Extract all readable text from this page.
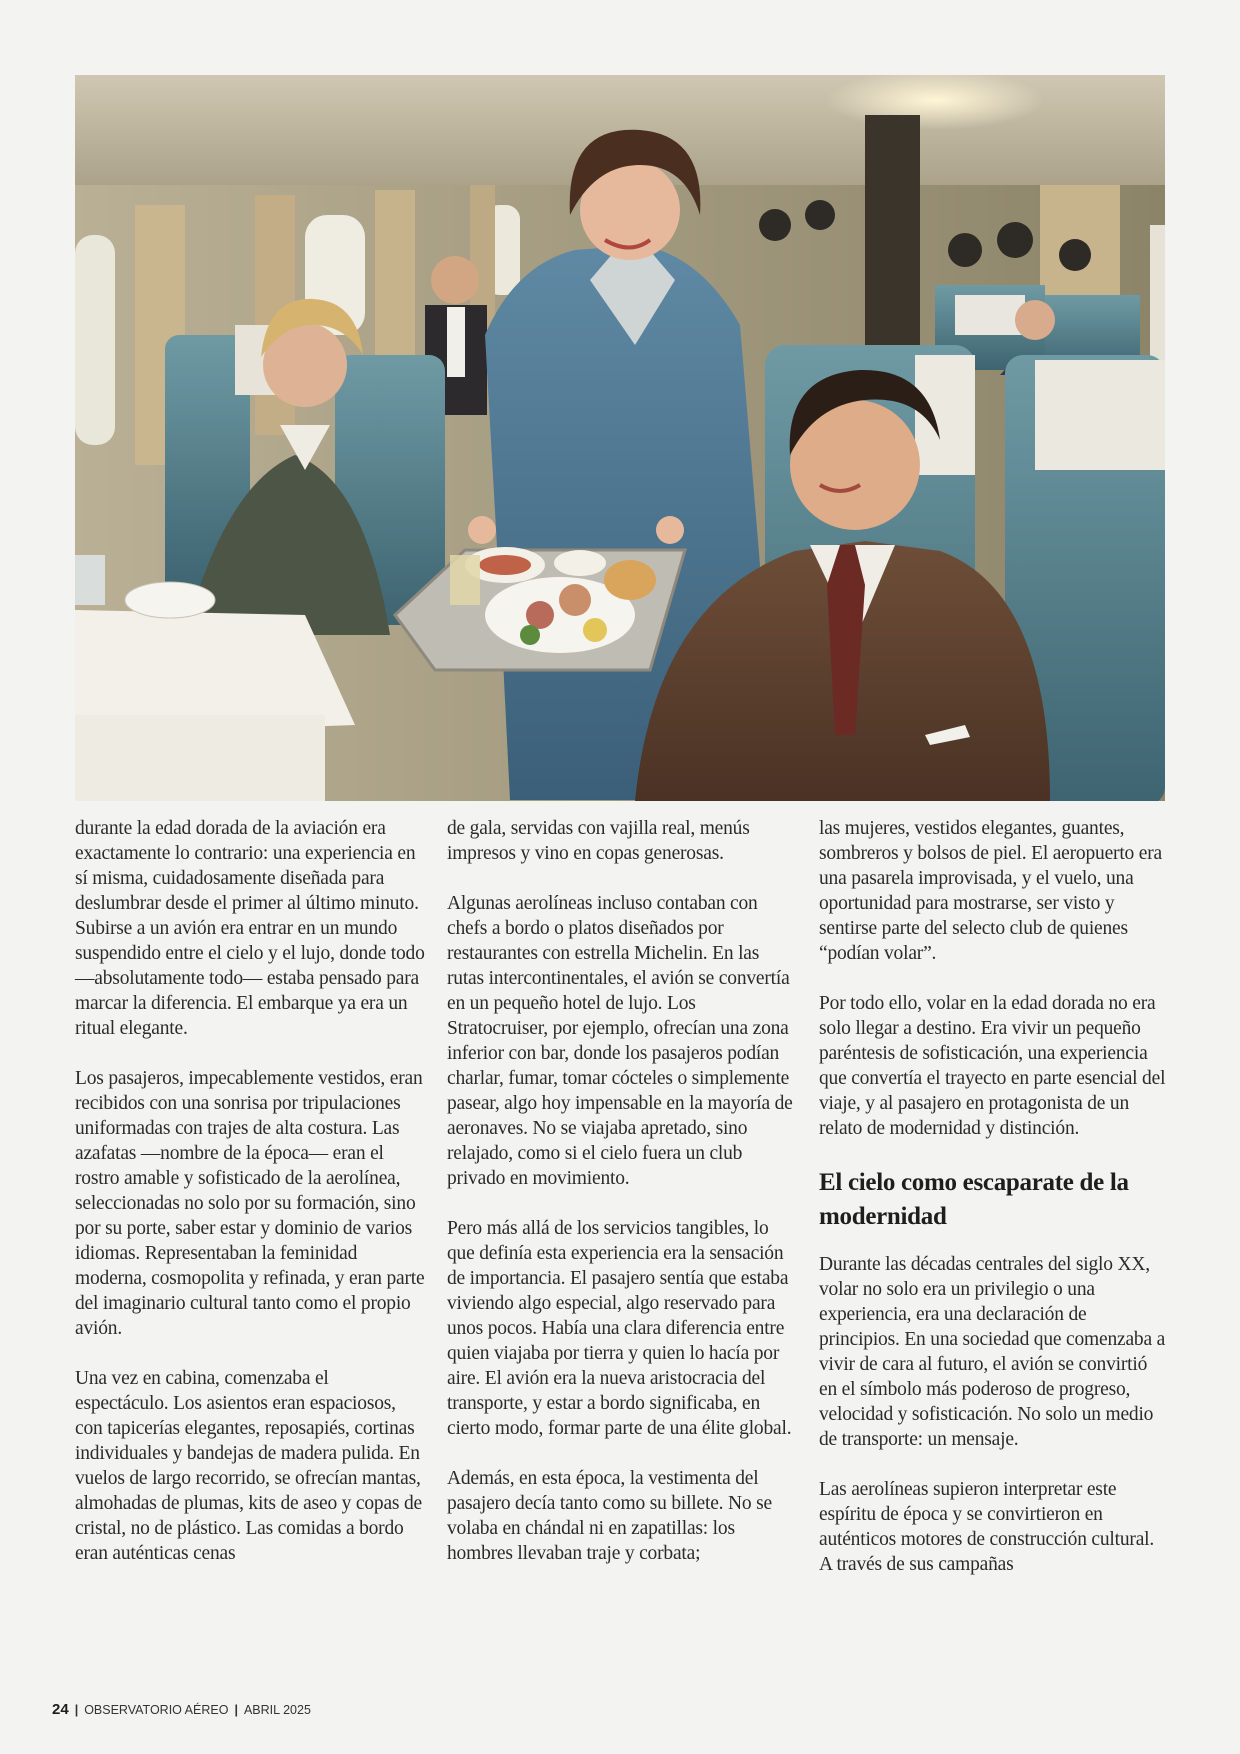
durante la edad dorada de la aviación era exactamente lo contrario: una experiencia en sí misma, cuidadosamente diseñada para deslumbrar desde el primer al último minuto. Subirse a un avión era entrar en un mundo suspendido entre el cielo y el lujo, donde todo —absolutamente todo— estaba pensado para marcar la diferencia. El embarque ya era un ritual elegante.

Los pasajeros, impecablemente vestidos, eran recibidos con una sonrisa por tripulaciones uniformadas con trajes de alta costura. Las azafatas —nombre de la época— eran el rostro amable y sofisticado de la aerolínea, seleccionadas no solo por su formación, sino por su porte, saber estar y dominio de varios idiomas. Representaban la feminidad moderna, cosmopolita y refinada, y eran parte del imaginario cultural tanto como el propio avión.

Una vez en cabina, comenzaba el espectáculo. Los asientos eran espaciosos, con tapicerías elegantes, reposapiés, cortinas individuales y bandejas de madera pulida. En vuelos de largo recorrido, se ofrecían mantas, almohadas de plumas, kits de aseo y copas de cristal, no de plástico. Las comidas a bordo eran auténticas cenas

de gala, servidas con vajilla real, menús impresos y vino en copas generosas.

Algunas aerolíneas incluso contaban con chefs a bordo o platos diseñados por restaurantes con estrella Michelin. En las rutas intercontinentales, el avión se convertía en un pequeño hotel de lujo. Los Stratocruiser, por ejemplo, ofrecían una zona inferior con bar, donde los pasajeros podían charlar, fumar, tomar cócteles o simplemente pasear, algo hoy impensable en la mayoría de aeronaves. No se viajaba apretado, sino relajado, como si el cielo fuera un club privado en movimiento.

Pero más allá de los servicios tangibles, lo que definía esta experiencia era la sensación de importancia. El pasajero sentía que estaba viviendo algo especial, algo reservado para unos pocos. Había una clara diferencia entre quien viajaba por tierra y quien lo hacía por aire. El avión era la nueva aristocracia del transporte, y estar a bordo significaba, en cierto modo, formar parte de una élite global.

Además, en esta época, la vestimenta del pasajero decía tanto como su billete. No se volaba en chándal ni en zapatillas: los hombres llevaban traje y corbata;

las mujeres, vestidos elegantes, guantes, sombreros y bolsos de piel. El aeropuerto era una pasarela improvisada, y el vuelo, una oportunidad para mostrarse, ser visto y sentirse parte del selecto club de quienes “podían volar”.

Por todo ello, volar en la edad dorada no era solo llegar a destino. Era vivir un pequeño paréntesis de sofisticación, una experiencia que convertía el trayecto en parte esencial del viaje, y al pasajero en protagonista de un relato de modernidad y distinción.

El cielo como escaparate de la modernidad

Durante las décadas centrales del siglo XX, volar no solo era un privilegio o una experiencia, era una declaración de principios. En una sociedad que comenzaba a vivir de cara al futuro, el avión se convirtió en el símbolo más poderoso de progreso, velocidad y sofisticación. No solo un medio de transporte: un mensaje.

Las aerolíneas supieron interpretar este espíritu de época y se convirtieron en auténticos motores de construcción cultural. A través de sus campañas

24 | OBSERVATORIO AÉREO | ABRIL 2025
